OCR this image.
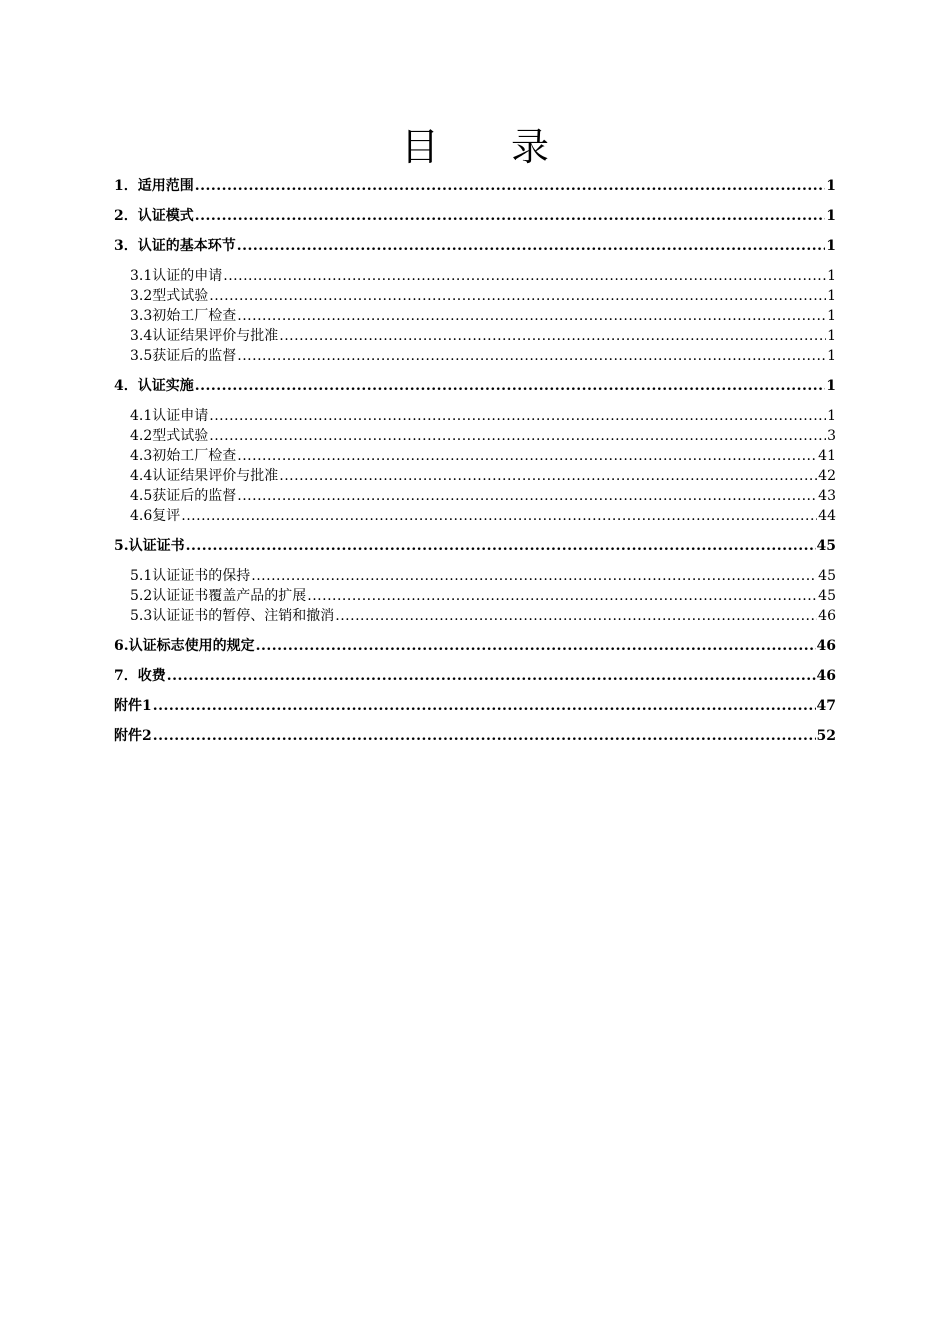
目 录
1．适用范围 .....	1
2．认证模式 .....	1
3．认证的基本环节 .....	1
3.1认证的申请 .....	1
3.2型式试验 .....	1
3.3初始工厂检查 .....	1
3.4认证结果评价与批准 .....	1
3.5获证后的监督 .....	1
4．认证实施 .....	1
4.1认证申请 .....	1
4.2型式试验 .....	3
4.3初始工厂检查 .....	41
4.4认证结果评价与批准 .....	42
4.5获证后的监督 .....	43
4.6复评 .....	44
5.认证证书 .....	45
5.1认证证书的保持 .....	45
5.2认证证书覆盖产品的扩展 .....	45
5.3认证证书的暂停、注销和撤消 .....	46
6.认证标志使用的规定 .....	46
7．收费 .....	46
附件1 .....	47
附件2 .....	52
